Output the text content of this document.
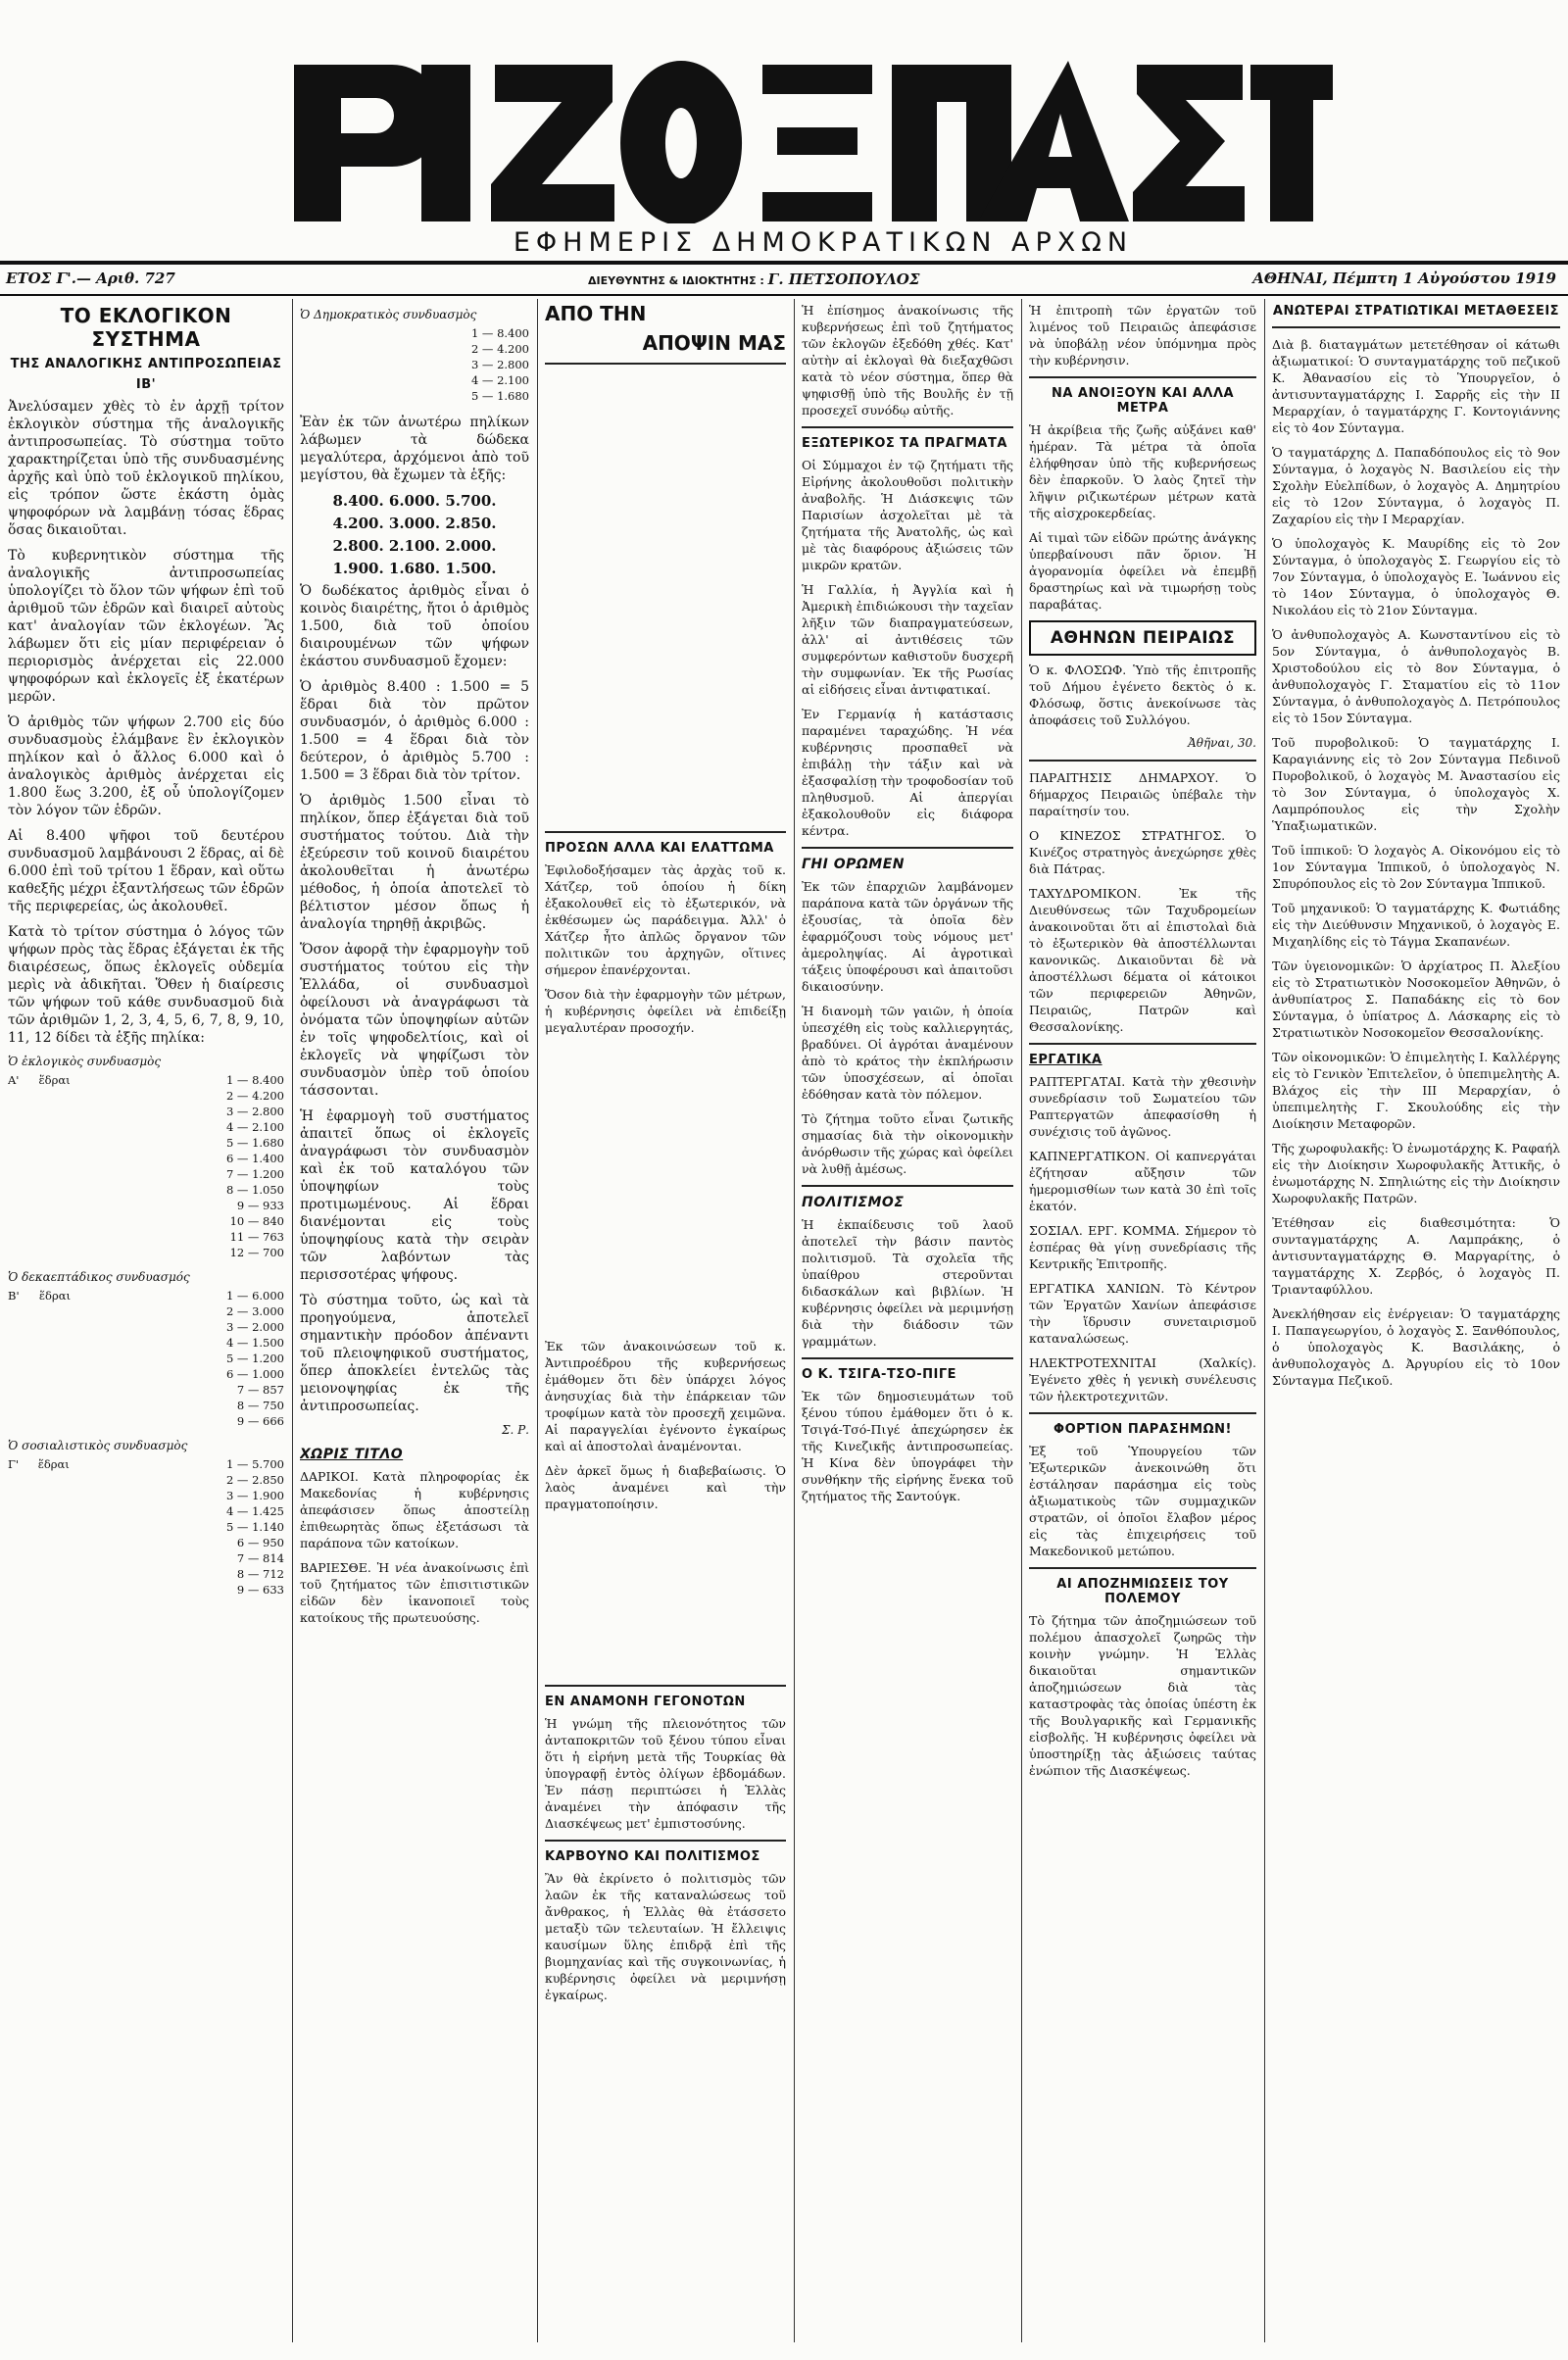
ΕΦΗΜΕΡΙΣ ΔΗΜΟΚΡΑΤΙΚΩΝ ΑΡΧΩΝ
ΕΤΟΣ Γ'.— Αριθ. 727	ΔΙΕΥΘΥΝΤΗΣ & ΙΔΙΟΚΤΗΤΗΣ : Γ. ΠΕΤΣΟΠΟΥΛΟΣ	ΑΘΗΝΑΙ, Πέμπτη 1 Αὐγούστου 1919
ΤΟ ΕΚΛΟΓΙΚΟΝ ΣΥΣΤΗΜΑ
ΤΗΣ ΑΝΑΛΟΓΙΚΗΣ ΑΝΤΙΠΡΟΣΩΠΕΙΑΣ
ΙΒ'

Ἀνελύσαμεν χθὲς τὸ ἐν ἀρχῇ τρίτον ἐκλογικὸν σύστημα τῆς ἀναλογικῆς ἀντιπροσωπείας. Τὸ σύστημα τοῦτο χαρακτηρίζεται ὑπὸ τῆς συνδυασμένης ἀρχῆς καὶ ὑπὸ τοῦ ἐκλογικοῦ πηλίκου, εἰς τρόπον ὥστε ἑκάστη ὁμὰς ψηφοφόρων νὰ λαμβάνῃ τόσας ἕδρας ὅσας δικαιοῦται.

Τὸ κυβερνητικὸν σύστημα τῆς ἀναλογικῆς ἀντιπροσωπείας ὑπολογίζει τὸ ὅλον τῶν ψήφων ἐπὶ τοῦ ἀριθμοῦ τῶν ἑδρῶν καὶ διαιρεῖ αὐτοὺς κατ' ἀναλογίαν τῶν ἐκλογέων. Ἂς λάβωμεν ὅτι εἰς μίαν περιφέρειαν ὁ περιορισμὸς ἀνέρχεται εἰς 22.000 ψηφοφόρων καὶ ἐκλογεῖς ἐξ ἑκατέρων μερῶν.

Ὁ ἀριθμὸς τῶν ψήφων 2.700 εἰς δύο συνδυασμοὺς ἐλάμβανε ἓν ἐκλογικὸν πηλίκον καὶ ὁ ἄλλος 6.000 καὶ ὁ ἀναλογικὸς ἀριθμὸς ἀνέρχεται εἰς 1.800 ἕως 3.200, ἐξ οὗ ὑπολογίζομεν τὸν λόγον τῶν ἑδρῶν.

Αἱ 8.400 ψῆφοι τοῦ δευτέρου συνδυασμοῦ λαμβάνουσι 2 ἕδρας, αἱ δὲ 6.000 ἐπὶ τοῦ τρίτου 1 ἕδραν, καὶ οὕτω καθεξῆς μέχρι ἐξαντλήσεως τῶν ἑδρῶν τῆς περιφερείας, ὡς ἀκολουθεῖ.

Κατὰ τὸ τρίτον σύστημα ὁ λόγος τῶν ψήφων πρὸς τὰς ἕδρας ἐξάγεται ἐκ τῆς διαιρέσεως, ὅπως ἐκλογεῖς οὐδεμία μερὶς νὰ ἀδικῆται. Ὅθεν ἡ διαίρεσις τῶν ψήφων τοῦ κάθε συνδυασμοῦ διὰ τῶν ἀριθμῶν 1, 2, 3, 4, 5, 6, 7, 8, 9, 10, 11, 12 δίδει τὰ ἑξῆς πηλίκα:

Ὁ ἐκλογικὸς συνδυασμὸς
Α'	ἕδραι	1 — 8.400
		2 — 4.200
		3 — 2.800
		4 — 2.100
		5 — 1.680
		6 — 1.400
		7 — 1.200
		8 — 1.050
		9 — 933
		10 — 840
		11 — 763
		12 — 700
Ὁ δεκαεπτάδικος συνδυασμός
Β'	ἕδραι	1 — 6.000
		2 — 3.000
		3 — 2.000
		4 — 1.500
		5 — 1.200
		6 — 1.000
		7 — 857
		8 — 750
		9 — 666
Ὁ σοσιαλιστικὸς συνδυασμὸς
Γ'	ἕδραι	1 — 5.700
		2 — 2.850
		3 — 1.900
		4 — 1.425
		5 — 1.140
		6 — 950
		7 — 814
		8 — 712
		9 — 633
Ὁ Δημοκρατικὸς συνδυασμὸς
	1 — 8.400
	2 — 4.200
	3 — 2.800
	4 — 2.100
	5 — 1.680

Ἐὰν ἐκ τῶν ἀνωτέρω πηλίκων λάβωμεν τὰ δώδεκα μεγαλύτερα, ἀρχόμενοι ἀπὸ τοῦ μεγίστου, θὰ ἔχωμεν τὰ ἑξῆς:

8.400. 6.000. 5.700.
4.200. 3.000. 2.850.
2.800. 2.100. 2.000.
1.900. 1.680. 1.500.

Ὁ δωδέκατος ἀριθμὸς εἶναι ὁ κοινὸς διαιρέτης, ἤτοι ὁ ἀριθμὸς 1.500, διὰ τοῦ ὁποίου διαιρουμένων τῶν ψήφων ἑκάστου συνδυασμοῦ ἔχομεν:

Ὁ ἀριθμὸς 8.400 : 1.500 = 5 ἕδραι διὰ τὸν πρῶτον συνδυασμόν, ὁ ἀριθμὸς 6.000 : 1.500 = 4 ἕδραι διὰ τὸν δεύτερον, ὁ ἀριθμὸς 5.700 : 1.500 = 3 ἕδραι διὰ τὸν τρίτον.

Ὁ ἀριθμὸς 1.500 εἶναι τὸ πηλίκον, ὅπερ ἐξάγεται διὰ τοῦ συστήματος τούτου. Διὰ τὴν ἐξεύρεσιν τοῦ κοινοῦ διαιρέτου ἀκολουθεῖται ἡ ἀνωτέρω μέθοδος, ἡ ὁποία ἀποτελεῖ τὸ βέλτιστον μέσον ὅπως ἡ ἀναλογία τηρηθῇ ἀκριβῶς.

Ὅσον ἀφορᾷ τὴν ἐφαρμογὴν τοῦ συστήματος τούτου εἰς τὴν Ἑλλάδα, οἱ συνδυασμοὶ ὀφείλουσι νὰ ἀναγράφωσι τὰ ὀνόματα τῶν ὑποψηφίων αὐτῶν ἐν τοῖς ψηφοδελτίοις, καὶ οἱ ἐκλογεῖς νὰ ψηφίζωσι τὸν συνδυασμὸν ὑπὲρ τοῦ ὁποίου τάσσονται.

Ἡ ἐφαρμογὴ τοῦ συστήματος ἀπαιτεῖ ὅπως οἱ ἐκλογεῖς ἀναγράφωσι τὸν συνδυασμὸν καὶ ἐκ τοῦ καταλόγου τῶν ὑποψηφίων τοὺς προτιμωμένους. Αἱ ἕδραι διανέμονται εἰς τοὺς ὑποψηφίους κατὰ τὴν σειρὰν τῶν λαβόντων τὰς περισσοτέρας ψήφους.

Τὸ σύστημα τοῦτο, ὡς καὶ τὰ προηγούμενα, ἀποτελεῖ σημαντικὴν πρόοδον ἀπέναντι τοῦ πλειοψηφικοῦ συστήματος, ὅπερ ἀποκλείει ἐντελῶς τὰς μειονοψηφίας ἐκ τῆς ἀντιπροσωπείας.

Σ. Ρ.
ΧΩΡΙΣ ΤΙΤΛΟ

ΔΑΡΙΚΟΙ. Κατὰ πληροφορίας ἐκ Μακεδονίας ἡ κυβέρνησις ἀπεφάσισεν ὅπως ἀποστείλῃ ἐπιθεωρητὰς ὅπως ἐξετάσωσι τὰ παράπονα τῶν κατοίκων.

ΒΑΡΙΕΣΘΕ. Ἡ νέα ἀνακοίνωσις ἐπὶ τοῦ ζητήματος τῶν ἐπισιτιστικῶν εἰδῶν δὲν ἱκανοποιεῖ τοὺς κατοίκους τῆς πρωτευούσης.

ΑΠΟ ΤΗΝ
ΑΠΟΨΙΝ ΜΑΣ
ΠΡΟΣΩΝ ΑΛΛΑ ΚΑΙ ΕΛΑΤΤΩΜΑ

Ἐφιλοδοξήσαμεν τὰς ἀρχὰς τοῦ κ. Χάτζερ, τοῦ ὁποίου ἡ δίκη ἐξακολουθεῖ εἰς τὸ ἐξωτερικόν, νὰ ἐκθέσωμεν ὡς παράδειγμα. Ἀλλ' ὁ Χάτζερ ἦτο ἀπλῶς ὄργανον τῶν πολιτικῶν του ἀρχηγῶν, οἵτινες σήμερον ἐπανέρχονται.

Ὅσον διὰ τὴν ἐφαρμογὴν τῶν μέτρων, ἡ κυβέρνησις ὀφείλει νὰ ἐπιδείξῃ μεγαλυτέραν προσοχήν.

Ἐκ τῶν ἀνακοινώσεων τοῦ κ. Ἀντιπροέδρου τῆς κυβερνήσεως ἐμάθομεν ὅτι δὲν ὑπάρχει λόγος ἀνησυχίας διὰ τὴν ἐπάρκειαν τῶν τροφίμων κατὰ τὸν προσεχῆ χειμῶνα. Αἱ παραγγελίαι ἐγένοντο ἐγκαίρως καὶ αἱ ἀποστολαὶ ἀναμένονται.

Δὲν ἀρκεῖ ὅμως ἡ διαβεβαίωσις. Ὁ λαὸς ἀναμένει καὶ τὴν πραγματοποίησιν.

ΕΝ ΑΝΑΜΟΝΗ ΓΕΓΟΝΟΤΩΝ

Ἡ γνώμη τῆς πλειονότητος τῶν ἀνταποκριτῶν τοῦ ξένου τύπου εἶναι ὅτι ἡ εἰρήνη μετὰ τῆς Τουρκίας θὰ ὑπογραφῇ ἐντὸς ὀλίγων ἑβδομάδων. Ἐν πάσῃ περιπτώσει ἡ Ἑλλὰς ἀναμένει τὴν ἀπόφασιν τῆς Διασκέψεως μετ' ἐμπιστοσύνης.

ΚΑΡΒΟΥΝΟ ΚΑΙ ΠΟΛΙΤΙΣΜΟΣ

Ἂν θὰ ἐκρίνετο ὁ πολιτισμὸς τῶν λαῶν ἐκ τῆς καταναλώσεως τοῦ ἄνθρακος, ἡ Ἑλλὰς θὰ ἐτάσσετο μεταξὺ τῶν τελευταίων. Ἡ ἔλλειψις καυσίμων ὕλης ἐπιδρᾷ ἐπὶ τῆς βιομηχανίας καὶ τῆς συγκοινωνίας, ἡ κυβέρνησις ὀφείλει νὰ μεριμνήσῃ ἐγκαίρως.

Ἡ ἐπίσημος ἀνακοίνωσις τῆς κυβερνήσεως ἐπὶ τοῦ ζητήματος τῶν ἐκλογῶν ἐξεδόθη χθές. Κατ' αὐτὴν αἱ ἐκλογαὶ θὰ διεξαχθῶσι κατὰ τὸ νέον σύστημα, ὅπερ θὰ ψηφισθῇ ὑπὸ τῆς Βουλῆς ἐν τῇ προσεχεῖ συνόδῳ αὐτῆς.

ΕΞΩΤΕΡΙΚΟΣ ΤΑ ΠΡΑΓΜΑΤΑ

Οἱ Σύμμαχοι ἐν τῷ ζητήματι τῆς Εἰρήνης ἀκολουθοῦσι πολιτικὴν ἀναβολῆς. Ἡ Διάσκεψις τῶν Παρισίων ἀσχολεῖται μὲ τὰ ζητήματα τῆς Ἀνατολῆς, ὡς καὶ μὲ τὰς διαφόρους ἀξιώσεις τῶν μικρῶν κρατῶν.

Ἡ Γαλλία, ἡ Ἀγγλία καὶ ἡ Ἀμερικὴ ἐπιδιώκουσι τὴν ταχεῖαν λῆξιν τῶν διαπραγματεύσεων, ἀλλ' αἱ ἀντιθέσεις τῶν συμφερόντων καθιστοῦν δυσχερῆ τὴν συμφωνίαν. Ἐκ τῆς Ρωσίας αἱ εἰδήσεις εἶναι ἀντιφατικαί.

Ἐν Γερμανίᾳ ἡ κατάστασις παραμένει ταραχώδης. Ἡ νέα κυβέρνησις προσπαθεῖ νὰ ἐπιβάλῃ τὴν τάξιν καὶ νὰ ἐξασφαλίσῃ τὴν τροφοδοσίαν τοῦ πληθυσμοῦ. Αἱ ἀπεργίαι ἐξακολουθοῦν εἰς διάφορα κέντρα.

ΓΗΙ ΟΡΩΜΕΝ

Ἐκ τῶν ἐπαρχιῶν λαμβάνομεν παράπονα κατὰ τῶν ὀργάνων τῆς ἐξουσίας, τὰ ὁποῖα δὲν ἐφαρμόζουσι τοὺς νόμους μετ' ἀμεροληψίας. Αἱ ἀγροτικαὶ τάξεις ὑποφέρουσι καὶ ἀπαιτοῦσι δικαιοσύνην.

Ἡ διανομὴ τῶν γαιῶν, ἡ ὁποία ὑπεσχέθη εἰς τοὺς καλλιεργητάς, βραδύνει. Οἱ ἀγρόται ἀναμένουν ἀπὸ τὸ κράτος τὴν ἐκπλήρωσιν τῶν ὑποσχέσεων, αἱ ὁποῖαι ἐδόθησαν κατὰ τὸν πόλεμον.

Τὸ ζήτημα τοῦτο εἶναι ζωτικῆς σημασίας διὰ τὴν οἰκονομικὴν ἀνόρθωσιν τῆς χώρας καὶ ὀφείλει νὰ λυθῇ ἀμέσως.

ΠΟΛΙΤΙΣΜΟΣ

Ἡ ἐκπαίδευσις τοῦ λαοῦ ἀποτελεῖ τὴν βάσιν παντὸς πολιτισμοῦ. Τὰ σχολεῖα τῆς ὑπαίθρου στεροῦνται διδασκάλων καὶ βιβλίων. Ἡ κυβέρνησις ὀφείλει νὰ μεριμνήσῃ διὰ τὴν διάδοσιν τῶν γραμμάτων.

Ο Κ. ΤΣΙΓΑ-ΤΣΟ-ΠΙΓΕ

Ἐκ τῶν δημοσιευμάτων τοῦ ξένου τύπου ἐμάθομεν ὅτι ὁ κ. Τσιγά-Τσό-Πιγέ ἀπεχώρησεν ἐκ τῆς Κινεζικῆς ἀντιπροσωπείας. Ἡ Κίνα δὲν ὑπογράφει τὴν συνθήκην τῆς εἰρήνης ἕνεκα τοῦ ζητήματος τῆς Σαντούγκ.

Ἡ ἐπιτροπὴ τῶν ἐργατῶν τοῦ λιμένος τοῦ Πειραιῶς ἀπεφάσισε νὰ ὑποβάλῃ νέον ὑπόμνημα πρὸς τὴν κυβέρνησιν.

ΝΑ ΑΝΟΙΞΟΥΝ ΚΑΙ ΑΛΛΑ ΜΕΤΡΑ

Ἡ ἀκρίβεια τῆς ζωῆς αὐξάνει καθ' ἡμέραν. Τὰ μέτρα τὰ ὁποῖα ἐλήφθησαν ὑπὸ τῆς κυβερνήσεως δὲν ἐπαρκοῦν. Ὁ λαὸς ζητεῖ τὴν λῆψιν ριζικωτέρων μέτρων κατὰ τῆς αἰσχροκερδείας.

Αἱ τιμαὶ τῶν εἰδῶν πρώτης ἀνάγκης ὑπερβαίνουσι πᾶν ὅριον. Ἡ ἀγορανομία ὀφείλει νὰ ἐπεμβῇ δραστηρίως καὶ νὰ τιμωρήσῃ τοὺς παραβάτας.

ΑΘΗΝΩΝ ΠΕΙΡΑΙΩΣ

Ὁ κ. ΦΛΟΣΩΦ. Ὑπὸ τῆς ἐπιτροπῆς τοῦ Δήμου ἐγένετο δεκτὸς ὁ κ. Φλόσωφ, ὅστις ἀνεκοίνωσε τὰς ἀποφάσεις τοῦ Συλλόγου.

Ἀθῆναι, 30.

ΠΑΡΑΙΤΗΣΙΣ ΔΗΜΑΡΧΟΥ. Ὁ δήμαρχος Πειραιῶς ὑπέβαλε τὴν παραίτησίν του.

Ο ΚΙΝΕΖΟΣ ΣΤΡΑΤΗΓΟΣ. Ὁ Κινέζος στρατηγὸς ἀνεχώρησε χθὲς διὰ Πάτρας.

ΤΑΧΥΔΡΟΜΙΚΟΝ. Ἐκ τῆς Διευθύνσεως τῶν Ταχυδρομείων ἀνακοινοῦται ὅτι αἱ ἐπιστολαὶ διὰ τὸ ἐξωτερικὸν θὰ ἀποστέλλωνται κανονικῶς. Δικαιοῦνται δὲ νὰ ἀποστέλλωσι δέματα οἱ κάτοικοι τῶν περιφερειῶν Ἀθηνῶν, Πειραιῶς, Πατρῶν καὶ Θεσσαλονίκης.

ΕΡΓΑΤΙΚΑ

ΡΑΠΤΕΡΓΑΤΑΙ. Κατὰ τὴν χθεσινὴν συνεδρίασιν τοῦ Σωματείου τῶν Ραπτεργατῶν ἀπεφασίσθη ἡ συνέχισις τοῦ ἀγῶνος.

ΚΑΠΝΕΡΓΑΤΙΚΟΝ. Οἱ καπνεργάται ἐζήτησαν αὔξησιν τῶν ἡμερομισθίων των κατὰ 30 ἐπὶ τοῖς ἑκατόν.

ΣΟΣΙΑΛ. ΕΡΓ. ΚΟΜΜΑ. Σήμερον τὸ ἑσπέρας θὰ γίνῃ συνεδρίασις τῆς Κεντρικῆς Ἐπιτροπῆς.

ΕΡΓΑΤΙΚΑ ΧΑΝΙΩΝ. Τὸ Κέντρον τῶν Ἐργατῶν Χανίων ἀπεφάσισε τὴν ἵδρυσιν συνεταιρισμοῦ καταναλώσεως.

ΗΛΕΚΤΡΟΤΕΧΝΙΤΑΙ (Χαλκίς). Ἐγένετο χθὲς ἡ γενικὴ συνέλευσις τῶν ἠλεκτροτεχνιτῶν.

ΦΟΡΤΙΟΝ ΠΑΡΑΣΗΜΩΝ!

Ἐξ τοῦ Ὑπουργείου τῶν Ἐξωτερικῶν ἀνεκοινώθη ὅτι ἐστάλησαν παράσημα εἰς τοὺς ἀξιωματικοὺς τῶν συμμαχικῶν στρατῶν, οἱ ὁποῖοι ἔλαβον μέρος εἰς τὰς ἐπιχειρήσεις τοῦ Μακεδονικοῦ μετώπου.

ΑΙ ΑΠΟΖΗΜΙΩΣΕΙΣ ΤΟΥ ΠΟΛΕΜΟΥ

Τὸ ζήτημα τῶν ἀποζημιώσεων τοῦ πολέμου ἀπασχολεῖ ζωηρῶς τὴν κοινὴν γνώμην. Ἡ Ἑλλὰς δικαιοῦται σημαντικῶν ἀποζημιώσεων διὰ τὰς καταστροφὰς τὰς ὁποίας ὑπέστη ἐκ τῆς Βουλγαρικῆς καὶ Γερμανικῆς εἰσβολῆς. Ἡ κυβέρνησις ὀφείλει νὰ ὑποστηρίξῃ τὰς ἀξιώσεις ταύτας ἐνώπιον τῆς Διασκέψεως.

ΑΝΩΤΕΡΑΙ ΣΤΡΑΤΙΩΤΙΚΑΙ ΜΕΤΑΘΕΣΕΙΣ

Διὰ β. διαταγμάτων μετετέθησαν οἱ κάτωθι ἀξιωματικοί: Ὁ συνταγματάρχης τοῦ πεζικοῦ Κ. Ἀθανασίου εἰς τὸ Ὑπουργεῖον, ὁ ἀντισυνταγματάρχης Ι. Σαρρῆς εἰς τὴν ΙΙ Μεραρχίαν, ὁ ταγματάρχης Γ. Κοντογιάννης εἰς τὸ 4ον Σύνταγμα.

Ὁ ταγματάρχης Δ. Παπαδόπουλος εἰς τὸ 9ον Σύνταγμα, ὁ λοχαγὸς Ν. Βασιλείου εἰς τὴν Σχολὴν Εὐελπίδων, ὁ λοχαγὸς Α. Δημητρίου εἰς τὸ 12ον Σύνταγμα, ὁ λοχαγὸς Π. Ζαχαρίου εἰς τὴν Ι Μεραρχίαν.

Ὁ ὑπολοχαγὸς Κ. Μαυρίδης εἰς τὸ 2ον Σύνταγμα, ὁ ὑπολοχαγὸς Σ. Γεωργίου εἰς τὸ 7ον Σύνταγμα, ὁ ὑπολοχαγὸς Ε. Ἰωάννου εἰς τὸ 14ον Σύνταγμα, ὁ ὑπολοχαγὸς Θ. Νικολάου εἰς τὸ 21ον Σύνταγμα.

Ὁ ἀνθυπολοχαγὸς Α. Κωνσταντίνου εἰς τὸ 5ον Σύνταγμα, ὁ ἀνθυπολοχαγὸς Β. Χριστοδούλου εἰς τὸ 8ον Σύνταγμα, ὁ ἀνθυπολοχαγὸς Γ. Σταματίου εἰς τὸ 11ον Σύνταγμα, ὁ ἀνθυπολοχαγὸς Δ. Πετρόπουλος εἰς τὸ 15ον Σύνταγμα.

Τοῦ πυροβολικοῦ: Ὁ ταγματάρχης Ι. Καραγιάννης εἰς τὸ 2ον Σύνταγμα Πεδινοῦ Πυροβολικοῦ, ὁ λοχαγὸς Μ. Ἀναστασίου εἰς τὸ 3ον Σύνταγμα, ὁ ὑπολοχαγὸς Χ. Λαμπρόπουλος εἰς τὴν Σχολὴν Ὑπαξιωματικῶν.

Τοῦ ἱππικοῦ: Ὁ λοχαγὸς Α. Οἰκονόμου εἰς τὸ 1ον Σύνταγμα Ἱππικοῦ, ὁ ὑπολοχαγὸς Ν. Σπυρόπουλος εἰς τὸ 2ον Σύνταγμα Ἱππικοῦ.

Τοῦ μηχανικοῦ: Ὁ ταγματάρχης Κ. Φωτιάδης εἰς τὴν Διεύθυνσιν Μηχανικοῦ, ὁ λοχαγὸς Ε. Μιχαηλίδης εἰς τὸ Τάγμα Σκαπανέων.

Τῶν ὑγειονομικῶν: Ὁ ἀρχίατρος Π. Ἀλεξίου εἰς τὸ Στρατιωτικὸν Νοσοκομεῖον Ἀθηνῶν, ὁ ἀνθυπίατρος Σ. Παπαδάκης εἰς τὸ 6ον Σύνταγμα, ὁ ὑπίατρος Δ. Λάσκαρης εἰς τὸ Στρατιωτικὸν Νοσοκομεῖον Θεσσαλονίκης.

Τῶν οἰκονομικῶν: Ὁ ἐπιμελητὴς Ι. Καλλέργης εἰς τὸ Γενικὸν Ἐπιτελεῖον, ὁ ὑπεπιμελητὴς Α. Βλάχος εἰς τὴν ΙΙΙ Μεραρχίαν, ὁ ὑπεπιμελητὴς Γ. Σκουλούδης εἰς τὴν Διοίκησιν Μεταφορῶν.

Τῆς χωροφυλακῆς: Ὁ ἐνωμοτάρχης Κ. Ραφαήλ εἰς τὴν Διοίκησιν Χωροφυλακῆς Ἀττικῆς, ὁ ἐνωμοτάρχης Ν. Σπηλιώτης εἰς τὴν Διοίκησιν Χωροφυλακῆς Πατρῶν.

Ἐτέθησαν εἰς διαθεσιμότητα: Ὁ συνταγματάρχης Α. Λαμπράκης, ὁ ἀντισυνταγματάρχης Θ. Μαργαρίτης, ὁ ταγματάρχης Χ. Ζερβός, ὁ λοχαγὸς Π. Τριανταφύλλου.

Ἀνεκλήθησαν εἰς ἐνέργειαν: Ὁ ταγματάρχης Ι. Παπαγεωργίου, ὁ λοχαγὸς Σ. Ξανθόπουλος, ὁ ὑπολοχαγὸς Κ. Βασιλάκης, ὁ ἀνθυπολοχαγὸς Δ. Ἀργυρίου εἰς τὸ 10ον Σύνταγμα Πεζικοῦ.
